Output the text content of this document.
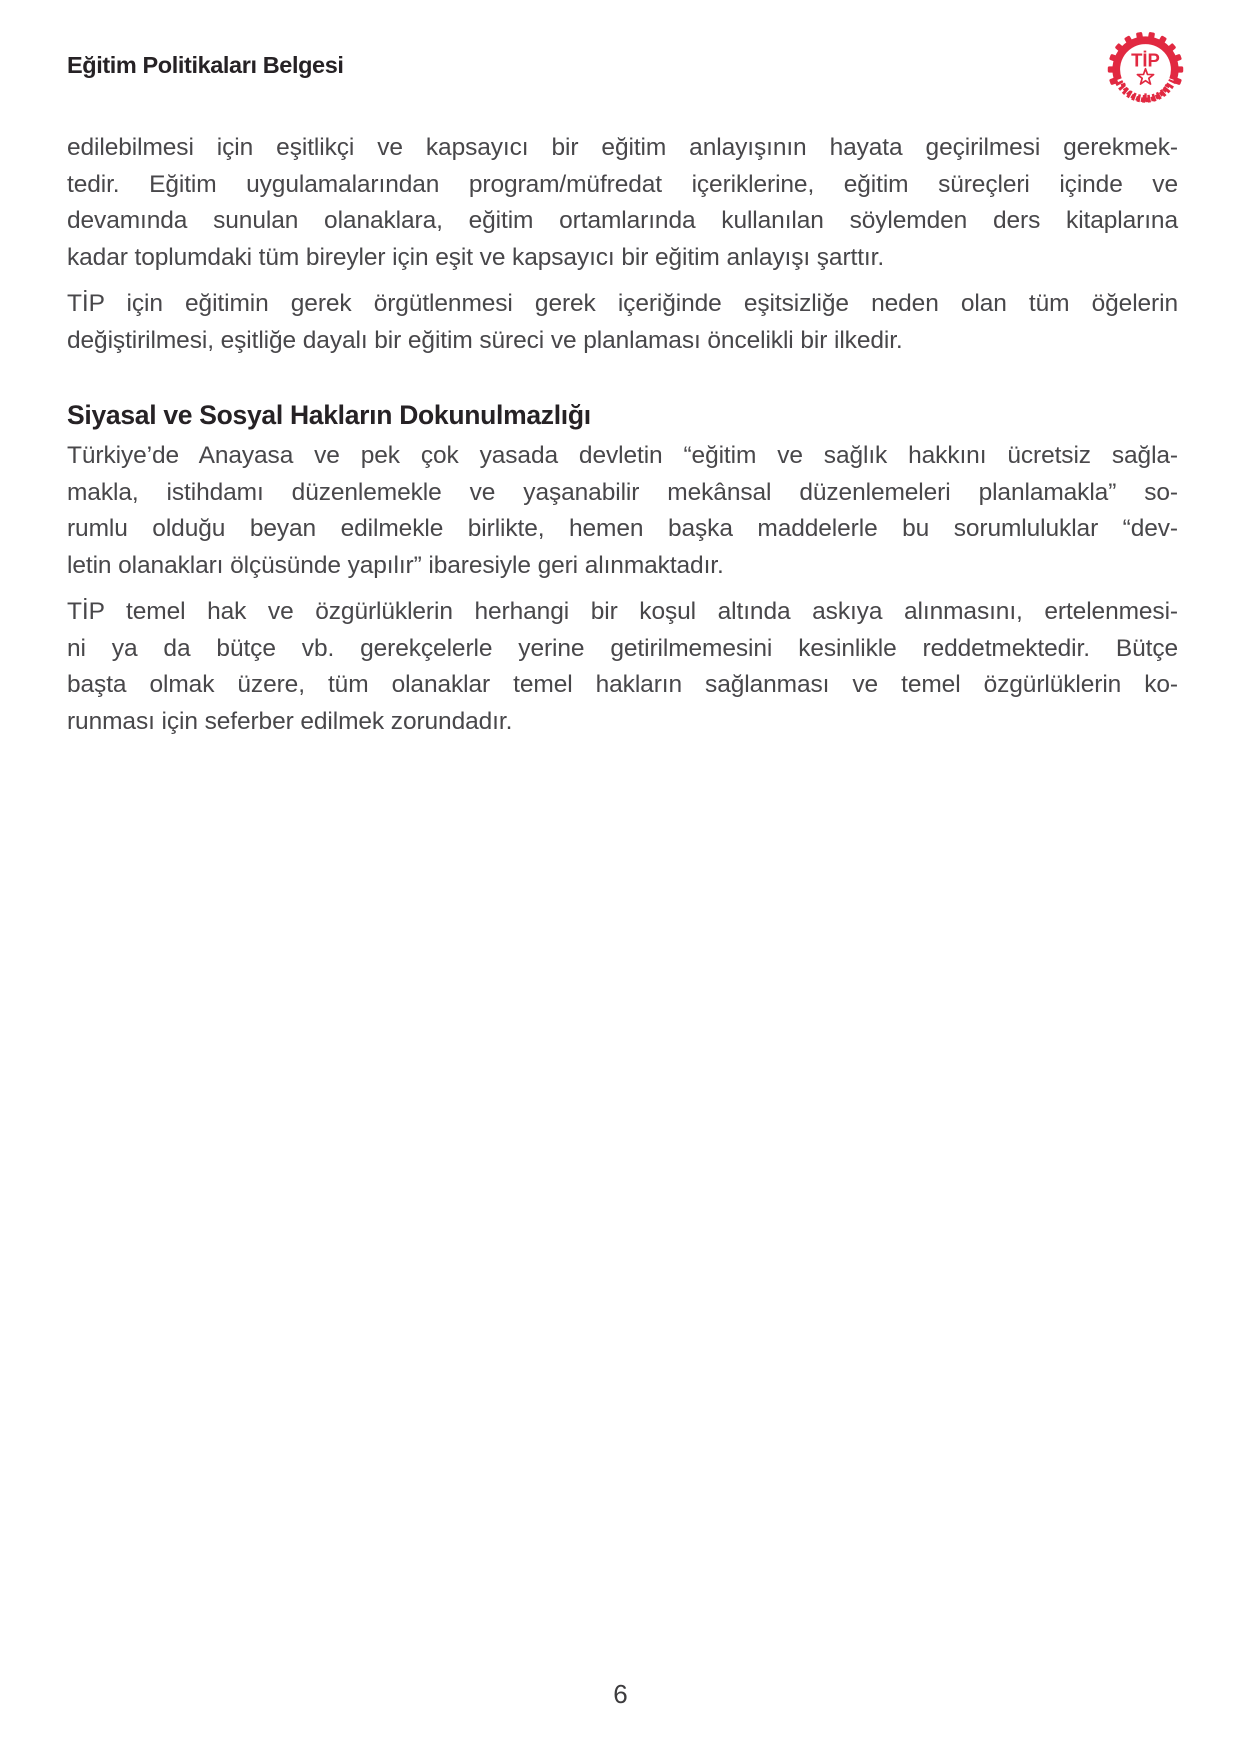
Eğitim Politikaları Belgesi	TİP
edilebilmesi için eşitlikçi ve kapsayıcı bir eğitim anlayışının hayata geçirilmesi gerekmek-
tedir. Eğitim uygulamalarından program/müfredat içeriklerine, eğitim süreçleri içinde ve
devamında sunulan olanaklara, eğitim ortamlarında kullanılan söylemden ders kitaplarına
kadar toplumdaki tüm bireyler için eşit ve kapsayıcı bir eğitim anlayışı şarttır.
TİP için eğitimin gerek örgütlenmesi gerek içeriğinde eşitsizliğe neden olan tüm öğelerin
değiştirilmesi, eşitliğe dayalı bir eğitim süreci ve planlaması öncelikli bir ilkedir.
Siyasal ve Sosyal Hakların Dokunulmazlığı
Türkiye’de Anayasa ve pek çok yasada devletin “eğitim ve sağlık hakkını ücretsiz sağla-
makla, istihdamı düzenlemekle ve yaşanabilir mekânsal düzenlemeleri planlamakla” so-
rumlu olduğu beyan edilmekle birlikte, hemen başka maddelerle bu sorumluluklar “dev-
letin olanakları ölçüsünde yapılır” ibaresiyle geri alınmaktadır.
TİP temel hak ve özgürlüklerin herhangi bir koşul altında askıya alınmasını, ertelenmesi-
ni ya da bütçe vb. gerekçelerle yerine getirilmemesini kesinlikle reddetmektedir. Bütçe
başta olmak üzere, tüm olanaklar temel hakların sağlanması ve temel özgürlüklerin ko-
runması için seferber edilmek zorundadır.
6
